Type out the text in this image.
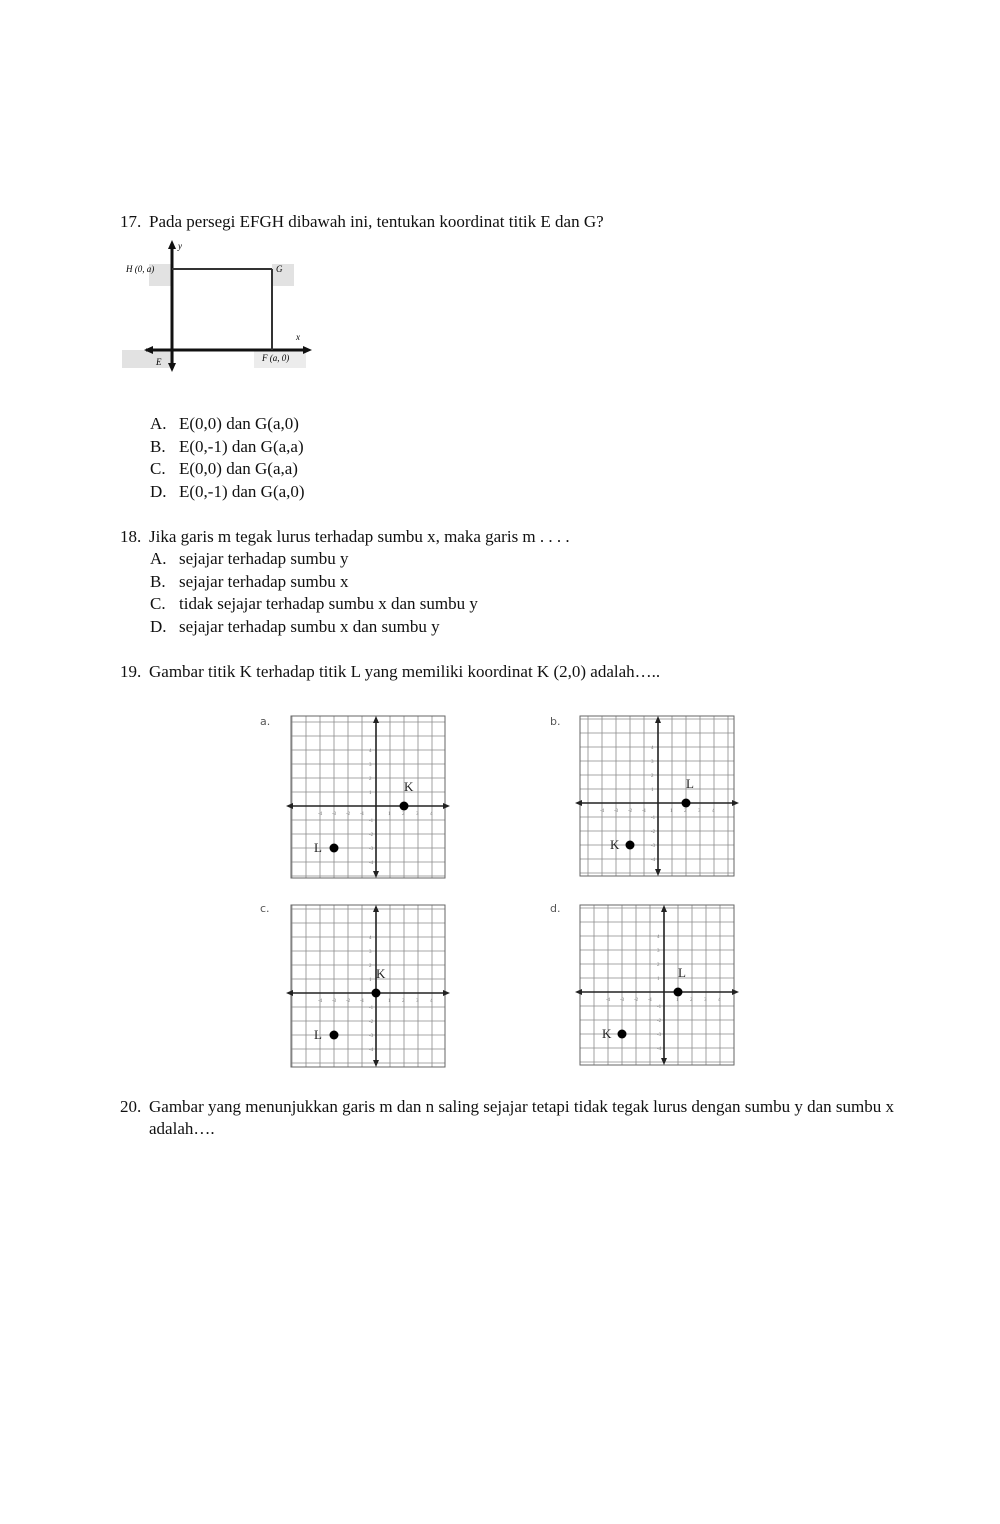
17. Pada persegi EFGH dibawah ini, tentukan koordinat titik E dan G?
y
x
H (0, a)	G
E	F (a, 0)
A. E(0,0) dan G(a,0)
B. E(0,-1) dan G(a,a)
C. E(0,0) dan G(a,a)
D. E(0,-1) dan G(a,0)
18. Jika garis m tegak lurus terhadap sumbu x, maka garis m . . . .
A. sejajar terhadap sumbu y
B. sejajar terhadap sumbu x
C. tidak sejajar terhadap sumbu x dan sumbu y
D. sejajar terhadap sumbu x dan sumbu y
19. Gambar titik K terhadap titik L yang memiliki koordinat K (2,0) adalah…..
a.
-4
-4
-3
-3
-2
-2
-1
-1
1
1
2
2
3
3
4
4
K
L
b.
-4
-4
-3
-3
-2
-2
-1
-1
1
1
2
2
3
3
4
4
L
K
c.
-4
-4
-3
-3
-2
-2
-1
-1
1
1
2
2
3
3
4
4
K
L
d.
-4
-4
-3
-3
-2
-2
-1
-1
1
1
2
2
3
3
4
4
L
K
20. Gambar yang menunjukkan garis m dan n saling sejajar tetapi tidak tegak lurus dengan sumbu y dan sumbu x adalah….
